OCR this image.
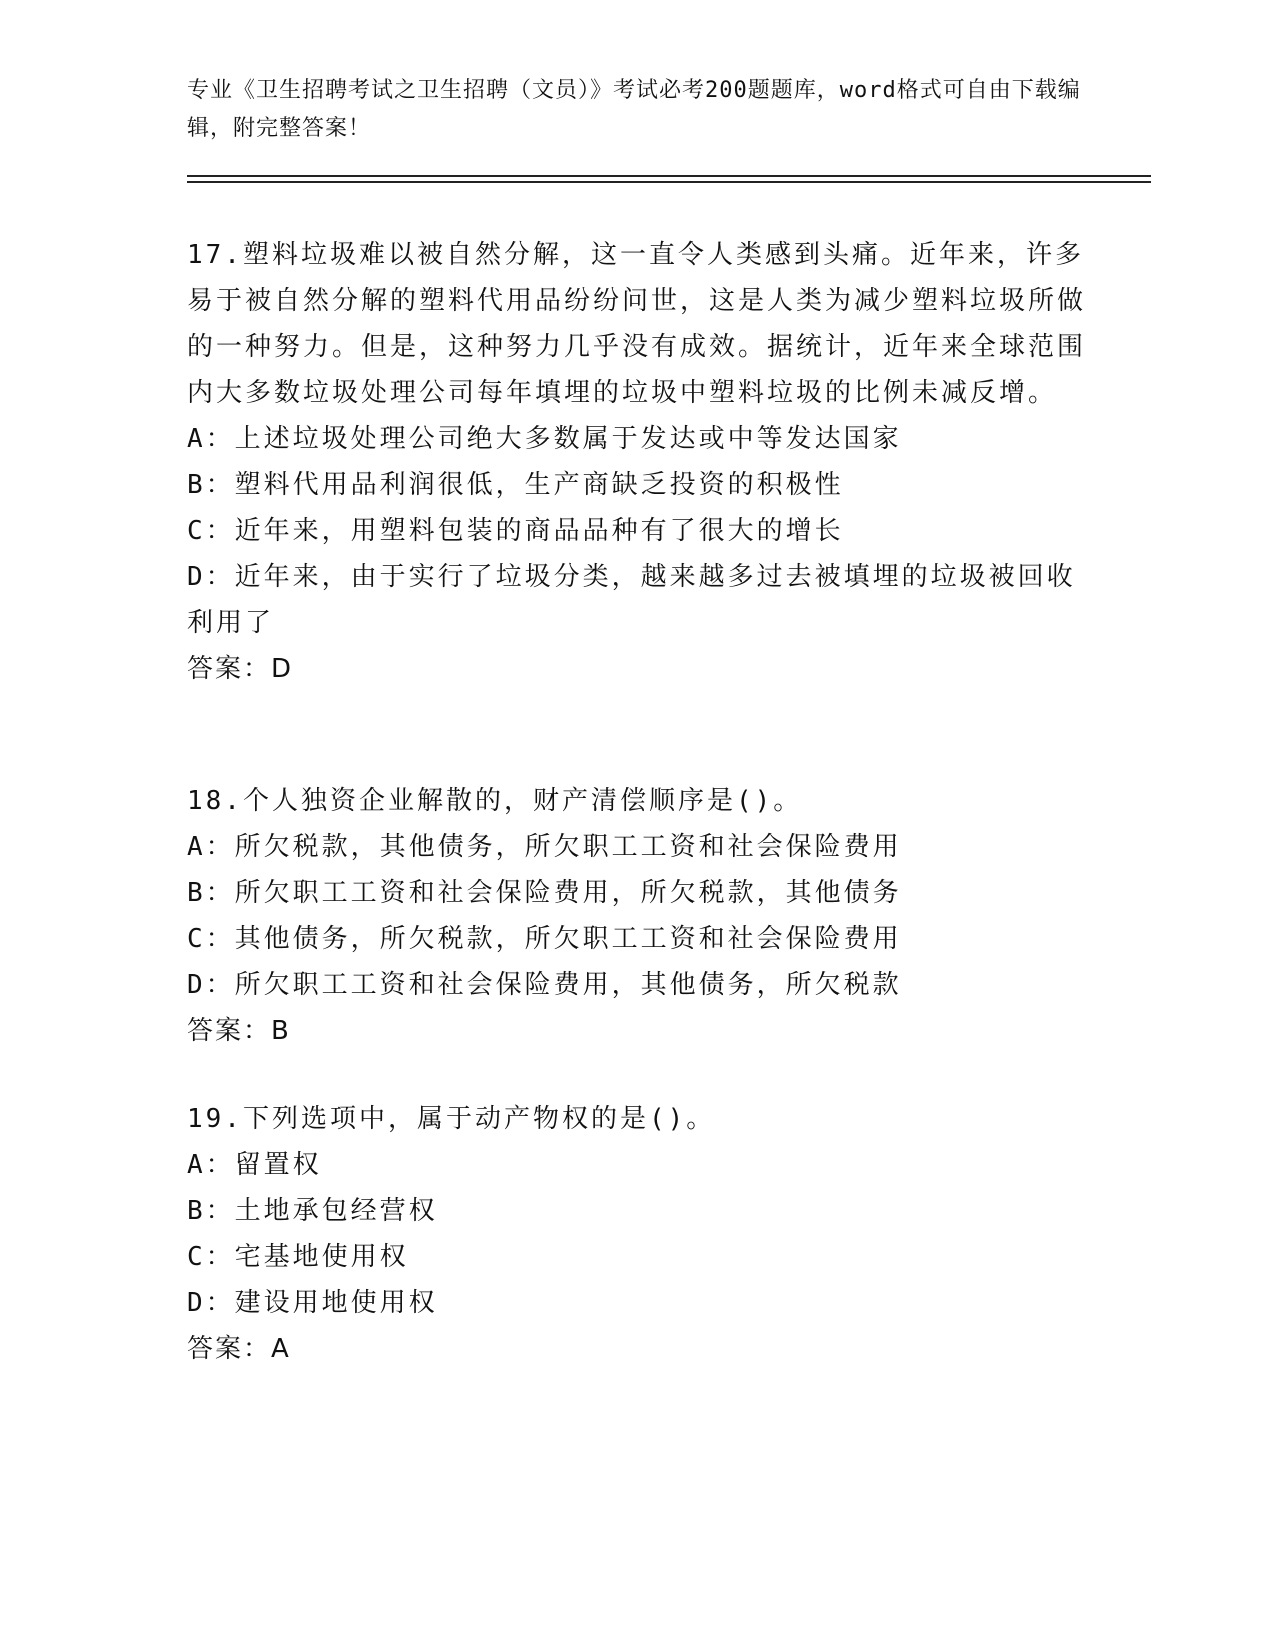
专业《卫生招聘考试之卫生招聘（文员）》考试必考200题题库，word格式可自由下载编辑，附完整答案！
17.塑料垃圾难以被自然分解，这一直令人类感到头痛。近年来，许多易于被自然分解的塑料代用品纷纷问世，这是人类为减少塑料垃圾所做的一种努力。但是，这种努力几乎没有成效。据统计，近年来全球范围内大多数垃圾处理公司每年填埋的垃圾中塑料垃圾的比例未减反增。
A：上述垃圾处理公司绝大多数属于发达或中等发达国家
B：塑料代用品利润很低，生产商缺乏投资的积极性
C：近年来，用塑料包装的商品品种有了很大的增长
D：近年来，由于实行了垃圾分类，越来越多过去被填埋的垃圾被回收利用了
答案：D
18.个人独资企业解散的，财产清偿顺序是()。
A：所欠税款，其他债务，所欠职工工资和社会保险费用
B：所欠职工工资和社会保险费用，所欠税款，其他债务
C：其他债务，所欠税款，所欠职工工资和社会保险费用
D：所欠职工工资和社会保险费用，其他债务，所欠税款
答案：B
19.下列选项中，属于动产物权的是()。
A：留置权
B：土地承包经营权
C：宅基地使用权
D：建设用地使用权
答案：A
